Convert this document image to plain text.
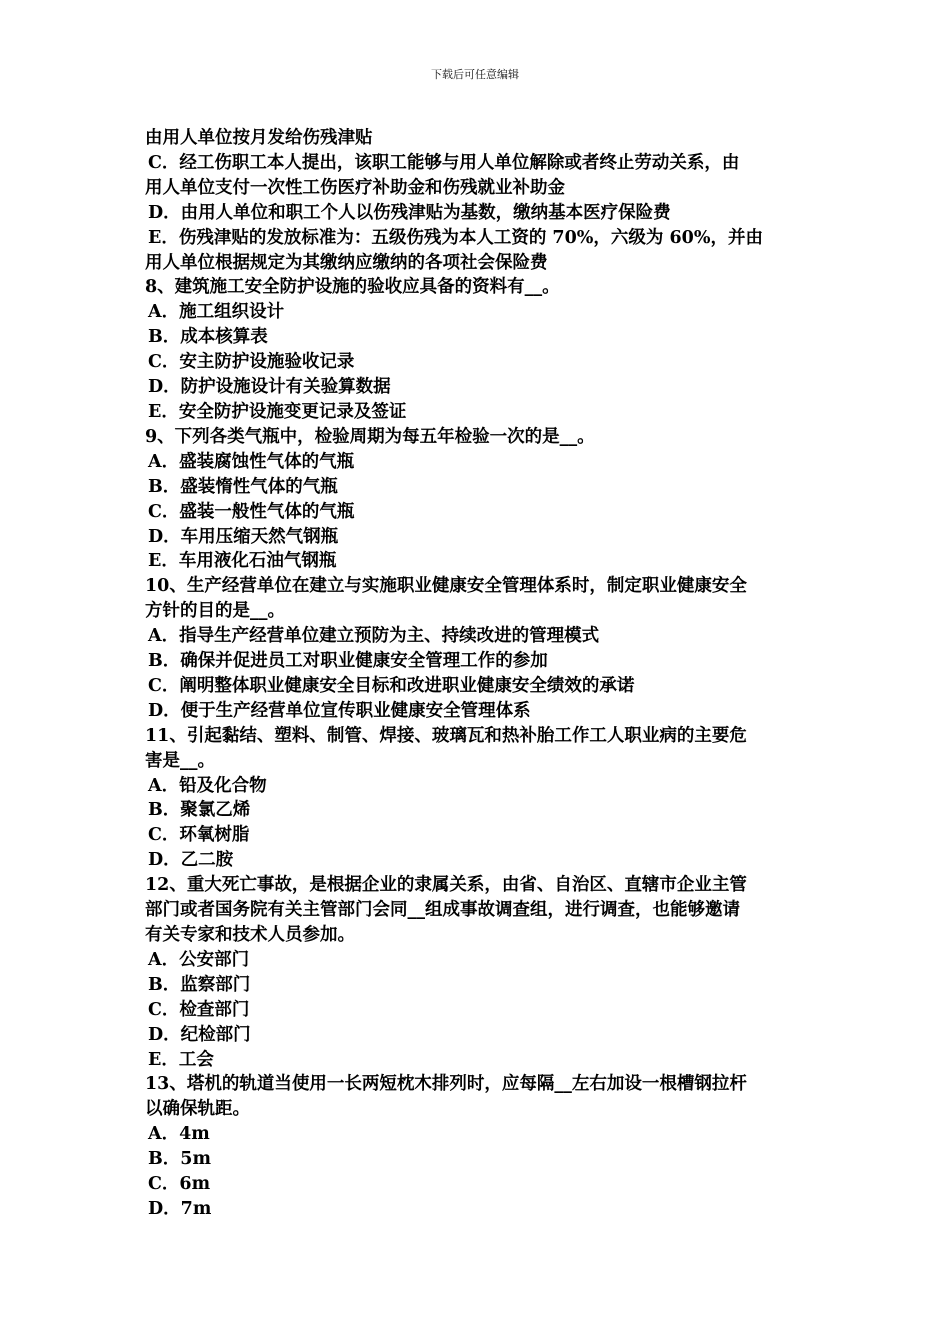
下载后可任意编辑
由用人单位按月发给伤残津贴
C．经工伤职工本人提出，该职工能够与用人单位解除或者终止劳动关系，由
用人单位支付一次性工伤医疗补助金和伤残就业补助金
D．由用人单位和职工个人以伤残津贴为基数，缴纳基本医疗保险费
E．伤残津贴的发放标准为：五级伤残为本人工资的 70%，六级为 60%，并由
用人单位根据规定为其缴纳应缴纳的各项社会保险费
8、建筑施工安全防护设施的验收应具备的资料有__。
A．施工组织设计
B．成本核算表
C．安主防护设施验收记录
D．防护设施设计有关验算数据
E．安全防护设施变更记录及签证
9、下列各类气瓶中，检验周期为每五年检验一次的是__。
A．盛装腐蚀性气体的气瓶
B．盛装惰性气体的气瓶
C．盛装一般性气体的气瓶
D．车用压缩天然气钢瓶
E．车用液化石油气钢瓶
10、生产经营单位在建立与实施职业健康安全管理体系时，制定职业健康安全
方针的目的是__。
A．指导生产经营单位建立预防为主、持续改进的管理模式
B．确保并促进员工对职业健康安全管理工作的参加
C．阐明整体职业健康安全目标和改进职业健康安全绩效的承诺
D．便于生产经营单位宣传职业健康安全管理体系
11、引起黏结、塑料、制管、焊接、玻璃瓦和热补胎工作工人职业病的主要危
害是__。
A．铅及化合物
B．聚氯乙烯
C．环氧树脂
D．乙二胺
12、重大死亡事故，是根据企业的隶属关系，由省、自治区、直辖市企业主管
部门或者国务院有关主管部门会同__组成事故调查组，进行调查，也能够邀请
有关专家和技术人员参加。
A．公安部门
B．监察部门
C．检查部门
D．纪检部门
E．工会
13、塔机的轨道当使用一长两短枕木排列时，应每隔__左右加设一根槽钢拉杆
以确保轨距。
A．4m
B．5m
C．6m
D．7m
